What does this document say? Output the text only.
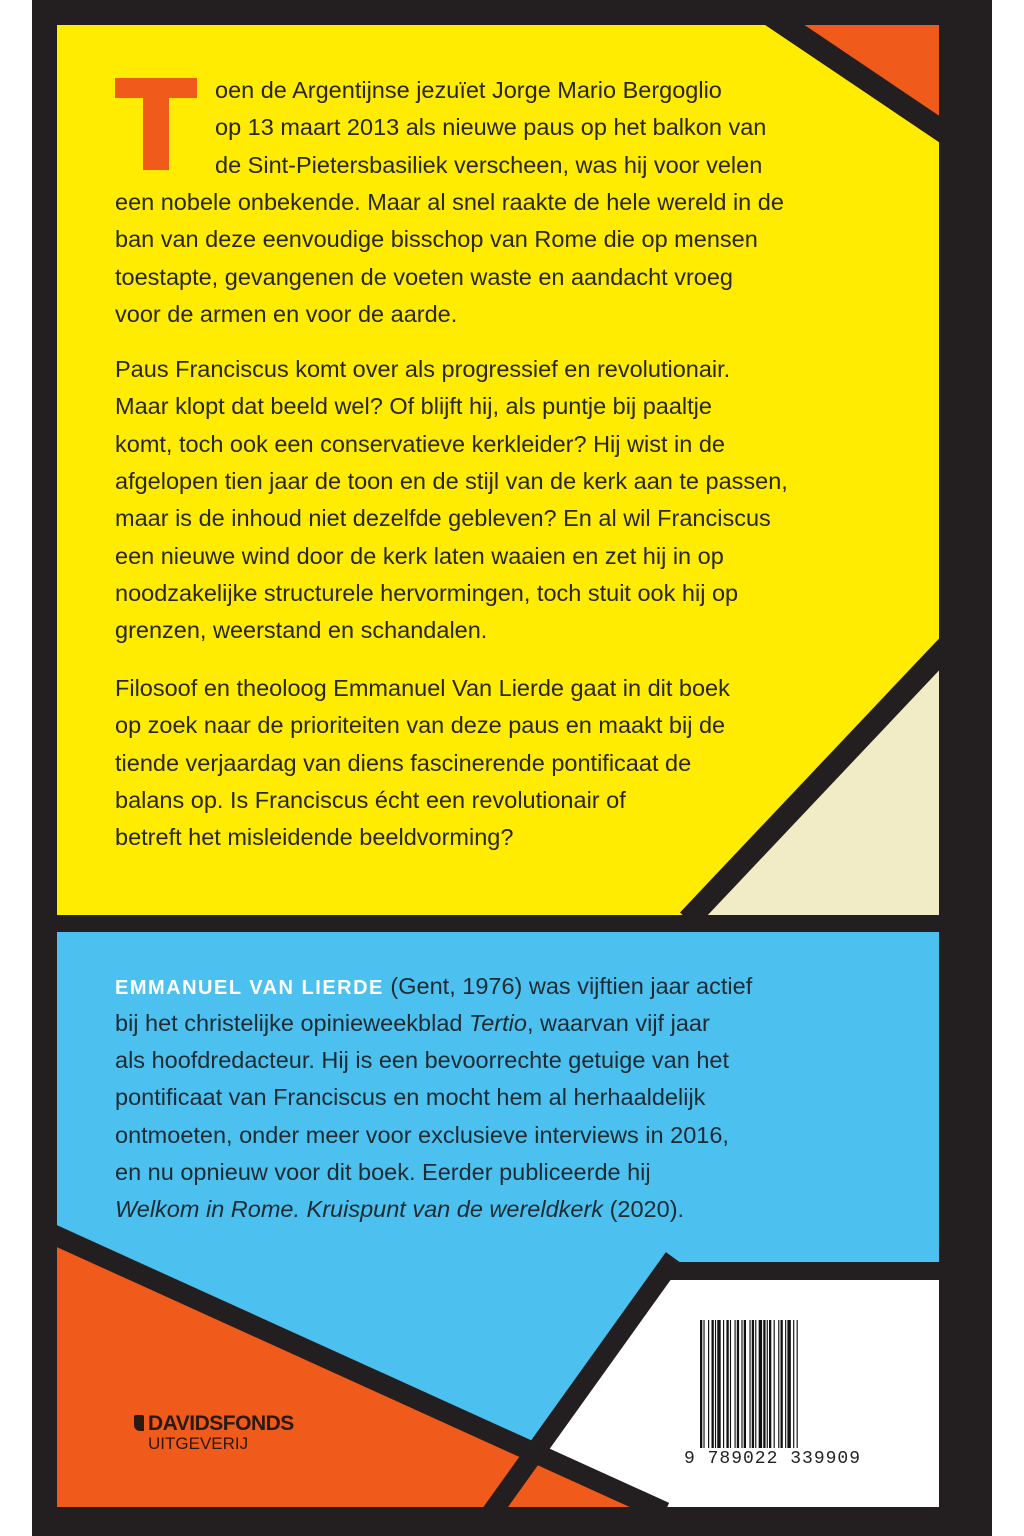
oen de Argentijnse jezuïet Jorge Mario Bergoglio
op 13 maart 2013 als nieuwe paus op het balkon van
de Sint-Pietersbasiliek verscheen, was hij voor velen
een nobele onbekende. Maar al snel raakte de hele wereld in de
ban van deze eenvoudige bisschop van Rome die op mensen
toestapte, gevangenen de voeten waste en aandacht vroeg
voor de armen en voor de aarde.
Paus Franciscus komt over als progressief en revolutionair.
Maar klopt dat beeld wel? Of blijft hij, als puntje bij paaltje
komt, toch ook een conservatieve kerkleider? Hij wist in de
afgelopen tien jaar de toon en de stijl van de kerk aan te passen,
maar is de inhoud niet dezelfde gebleven? En al wil Franciscus
een nieuwe wind door de kerk laten waaien en zet hij in op
noodzakelijke structurele hervormingen, toch stuit ook hij op
grenzen, weerstand en schandalen.
Filosoof en theoloog Emmanuel Van Lierde gaat in dit boek
op zoek naar de prioriteiten van deze paus en maakt bij de
tiende verjaardag van diens fascinerende pontificaat de
balans op. Is Franciscus écht een revolutionair of
betreft het misleidende beeldvorming?
EMMANUEL VAN LIERDE (Gent, 1976) was vijftien jaar actief
bij het christelijke opinieweekblad Tertio, waarvan vijf jaar
als hoofdredacteur. Hij is een bevoorrechte getuige van het
pontificaat van Franciscus en mocht hem al herhaaldelijk
ontmoeten, onder meer voor exclusieve interviews in 2016,
en nu opnieuw voor dit boek. Eerder publiceerde hij
Welkom in Rome. Kruispunt van de wereldkerk (2020).
DAVIDSFONDS
UITGEVERIJ
9 789022 339909
